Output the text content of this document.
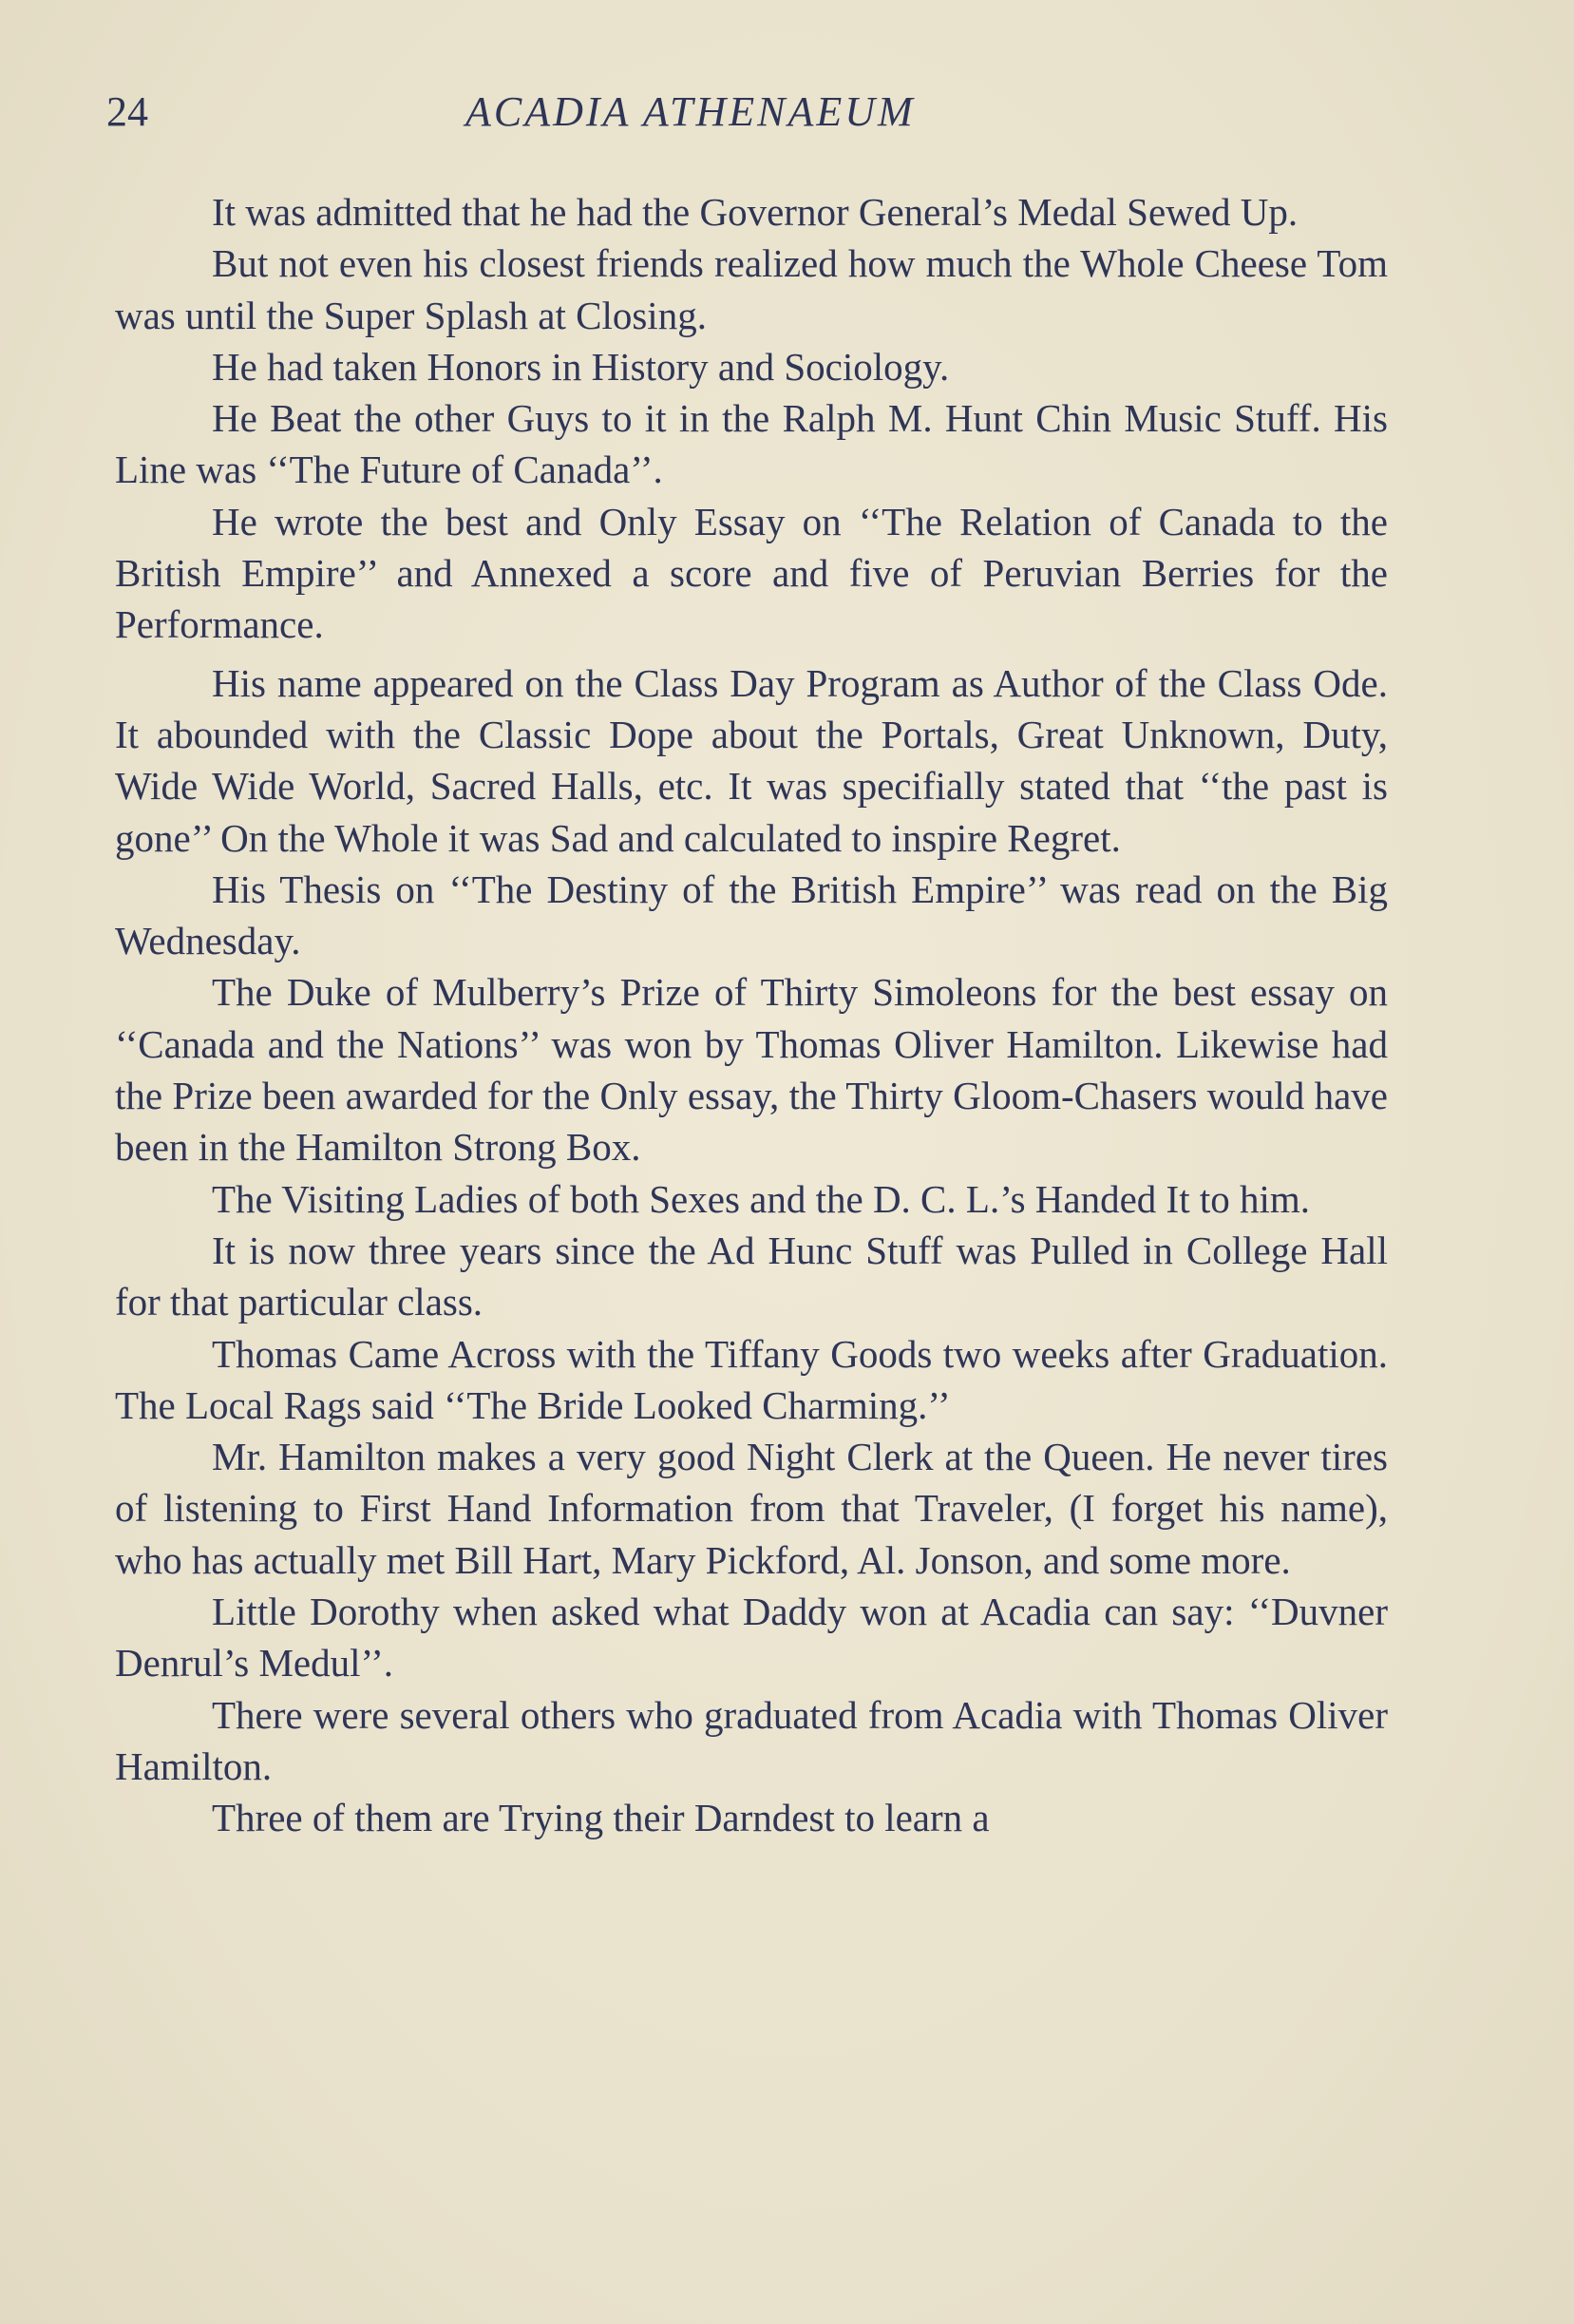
24	ACADIA ATHENAEUM

It was admitted that he had the Governor General’s Medal Sewed Up.

But not even his closest friends realized how much the Whole Cheese Tom was until the Super Splash at Closing.

He had taken Honors in History and Sociology.

He Beat the other Guys to it in the Ralph M. Hunt Chin Music Stuff. His Line was ‘‘The Future of Canada’’.

He wrote the best and Only Essay on ‘‘The Relation of Canada to the British Empire’’ and Annexed a score and five of Peruvian Berries for the Performance.

His name appeared on the Class Day Program as Author of the Class Ode. It abounded with the Classic Dope about the Portals, Great Unknown, Duty, Wide Wide World, Sacred Halls, etc. It was specifially stated that ‘‘the past is gone’’ On the Whole it was Sad and calculated to inspire Regret.

His Thesis on ‘‘The Destiny of the British Empire’’ was read on the Big Wednesday.

The Duke of Mulberry’s Prize of Thirty Simoleons for the best essay on ‘‘Canada and the Nations’’ was won by Thomas Oliver Hamilton. Likewise had the Prize been awarded for the Only essay, the Thirty Gloom-Chasers would have been in the Hamilton Strong Box.

The Visiting Ladies of both Sexes and the D. C. L.’s Handed It to him.

It is now three years since the Ad Hunc Stuff was Pulled in College Hall for that particular class.

Thomas Came Across with the Tiffany Goods two weeks after Graduation. The Local Rags said ‘‘The Bride Looked Charming.’’

Mr. Hamilton makes a very good Night Clerk at the Queen. He never tires of listening to First Hand Information from that Traveler, (I forget his name), who has actually met Bill Hart, Mary Pickford, Al. Jonson, and some more.

Little Dorothy when asked what Daddy won at Acadia can say: ‘‘Duvner Denrul’s Medul’’.

There were several others who graduated from Acadia with Thomas Oliver Hamilton.

Three of them are Trying their Darndest to learn a
